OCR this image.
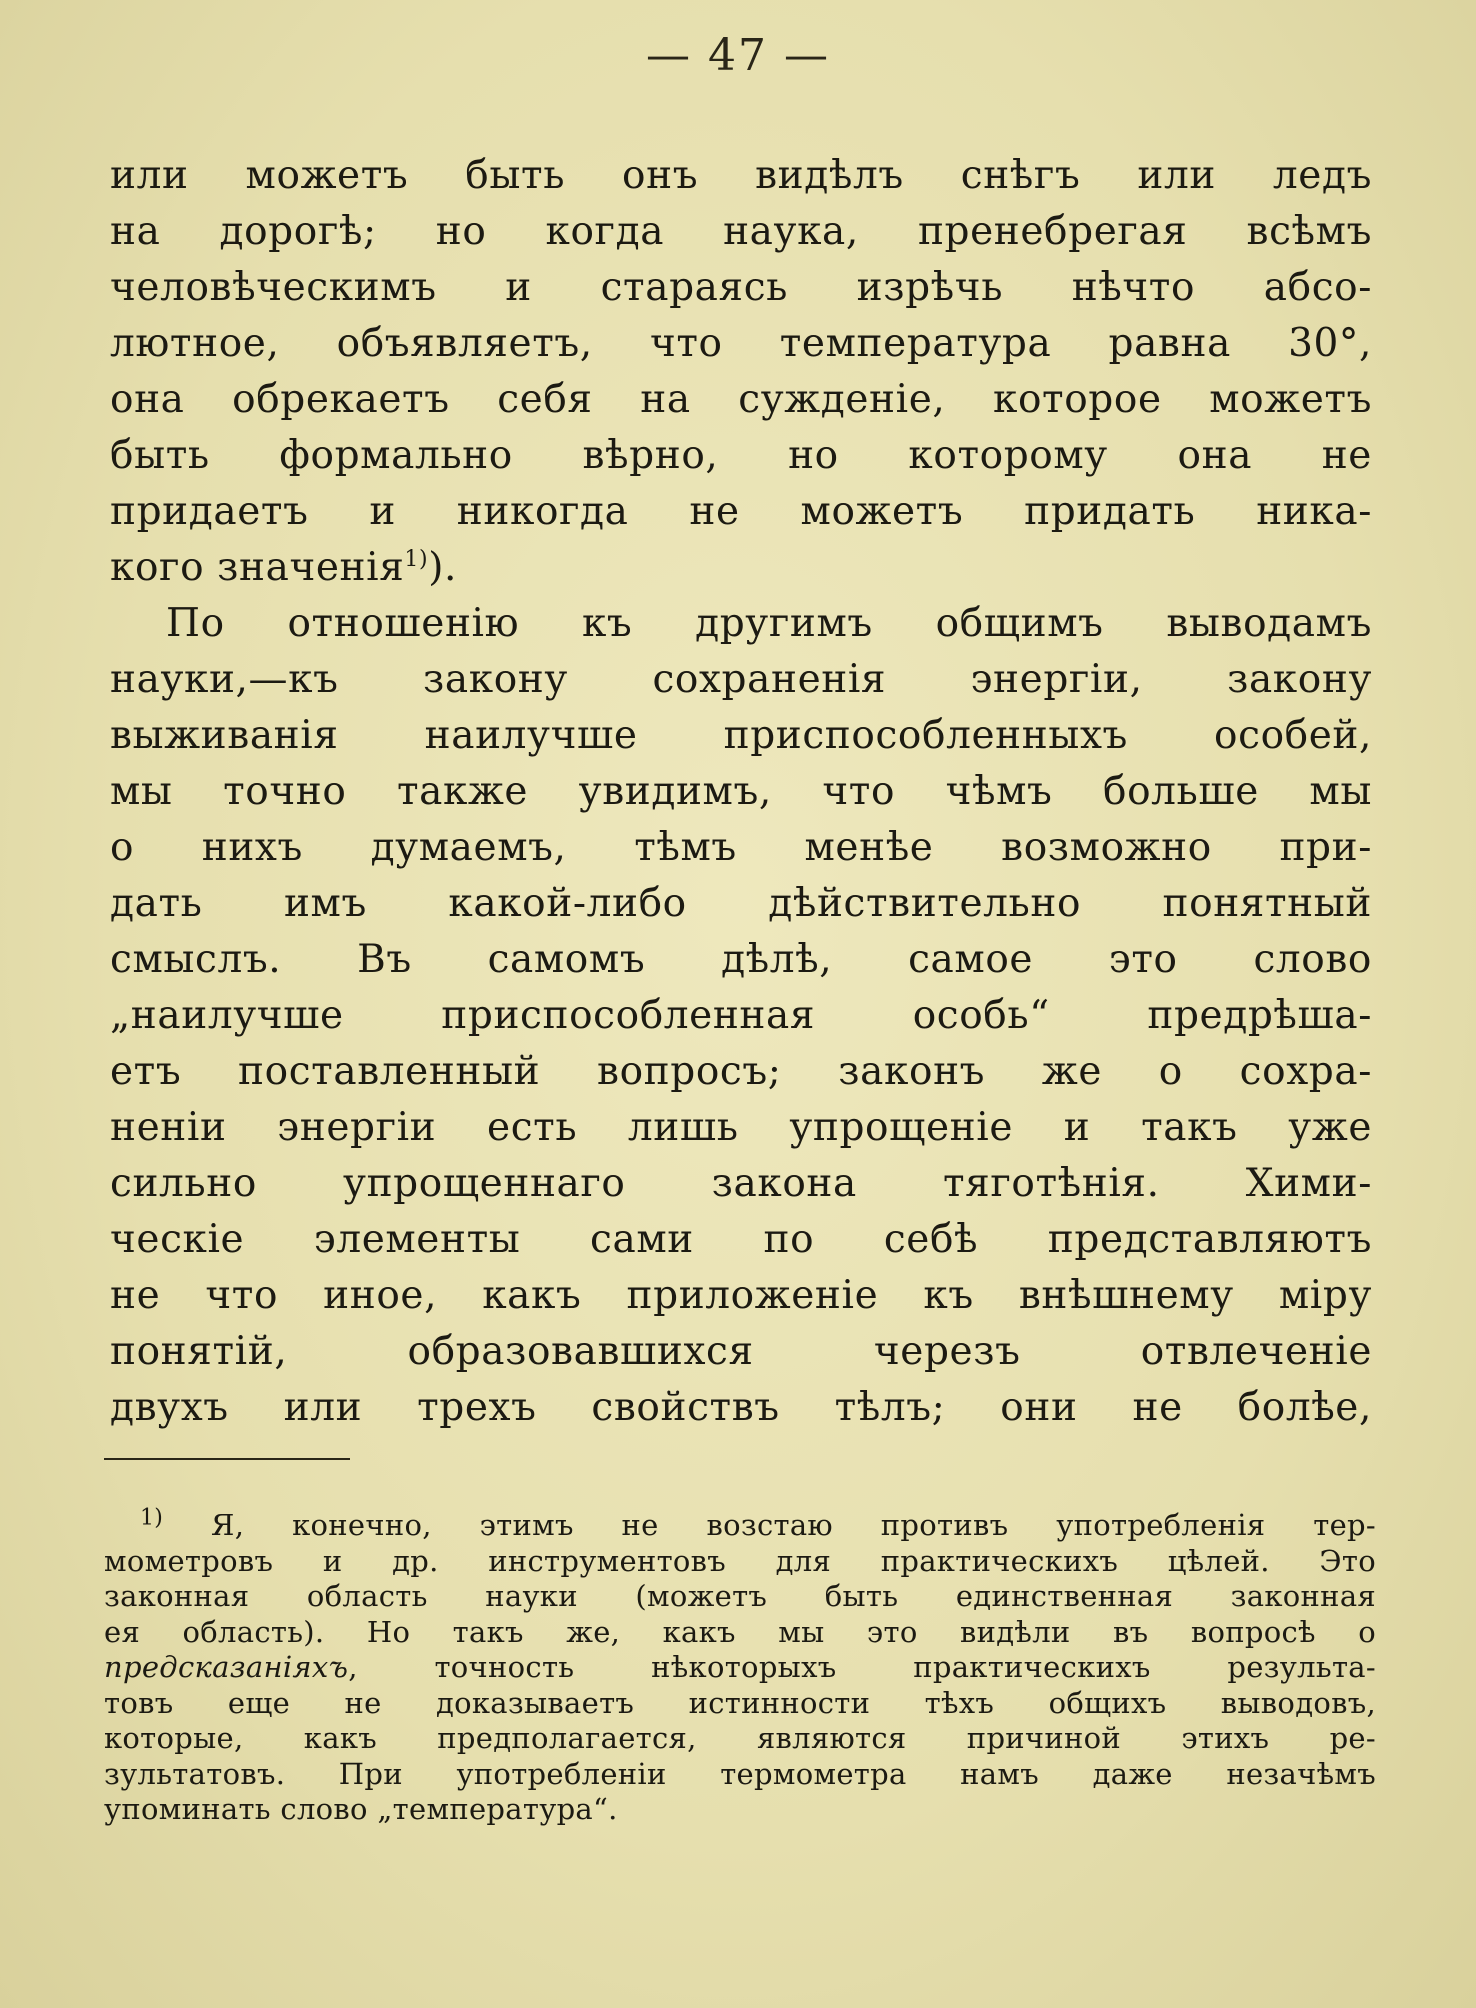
— 47 —
или можетъ быть онъ видѣлъ снѣгъ или ледъ
на дорогѣ; но когда наука, пренебрегая всѣмъ
человѣческимъ и стараясь изрѣчь нѣчто абсо-
лютное, объявляетъ, что температура равна 30°,
она обрекаетъ себя на сужденіе, которое можетъ
быть формально вѣрно, но которому она не
придаетъ и никогда не можетъ придать ника-
кого значенія$^{1)}$).
По отношенію къ другимъ общимъ выводамъ
науки,—къ закону сохраненія энергіи, закону
выживанія наилучше приспособленныхъ особей,
мы точно также увидимъ, что чѣмъ больше мы
о нихъ думаемъ, тѣмъ менѣе возможно при-
дать имъ какой-либо дѣйствительно понятный
смыслъ. Въ самомъ дѣлѣ, самое это слово
„наилучше приспособленная особь“ предрѣша-
етъ поставленный вопросъ; законъ же о сохра-
неніи энергіи есть лишь упрощеніе и такъ уже
сильно упрощеннаго закона тяготѣнія. Хими-
ческіе элементы сами по себѣ представляютъ
не что иное, какъ приложеніе къ внѣшнему міру
понятій, образовавшихся черезъ отвлеченіе
двухъ или трехъ свойствъ тѣлъ; они не болѣе,
$^{1)}$ Я, конечно, этимъ не возстаю противъ употребленія тер-
мометровъ и др. инструментовъ для практическихъ цѣлей. Это
законная область науки (можетъ быть единственная законная
ея область). Но такъ же, какъ мы это видѣли въ вопросѣ о
предсказаніяхъ, точность нѣкоторыхъ практическихъ результа-
товъ еще не доказываетъ истинности тѣхъ общихъ выводовъ,
которые, какъ предполагается, являются причиной этихъ ре-
зультатовъ. При употребленіи термометра намъ даже незачѣмъ
упоминать слово „температура“.
